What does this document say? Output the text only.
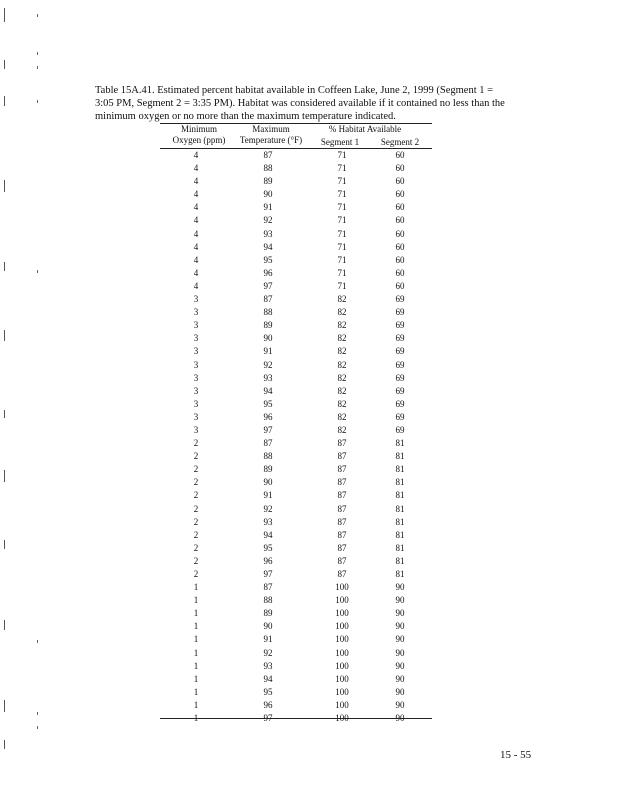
Table 15A.41. Estimated percent habitat available in Coffeen Lake, June 2, 1999 (Segment 1 =
3:05 PM, Segment 2 = 3:35 PM). Habitat was considered available if it contained no less than the
minimum oxygen or no more than the maximum temperature indicated.
Minimum
Oxygen (ppm)
Maximum
Temperature (°F)
% Habitat Available
Segment 1	Segment 2
4	87	71	60
4	88	71	60
4	89	71	60
4	90	71	60
4	91	71	60
4	92	71	60
4	93	71	60
4	94	71	60
4	95	71	60
4	96	71	60
4	97	71	60
3	87	82	69
3	88	82	69
3	89	82	69
3	90	82	69
3	91	82	69
3	92	82	69
3	93	82	69
3	94	82	69
3	95	82	69
3	96	82	69
3	97	82	69
2	87	87	81
2	88	87	81
2	89	87	81
2	90	87	81
2	91	87	81
2	92	87	81
2	93	87	81
2	94	87	81
2	95	87	81
2	96	87	81
2	97	87	81
1	87	100	90
1	88	100	90
1	89	100	90
1	90	100	90
1	91	100	90
1	92	100	90
1	93	100	90
1	94	100	90
1	95	100	90
1	96	100	90
1	97	100	90
15 - 55
